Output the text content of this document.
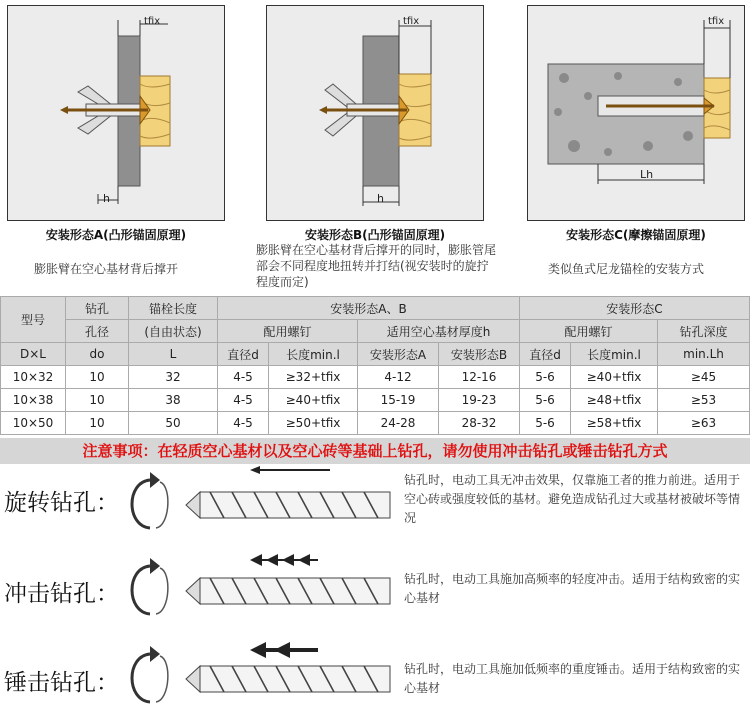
tfix
h
tfix
h
tfix
Lh
安装形态A(凸形锚固原理)	安装形态B(凸形锚固原理)	安装形态C(摩擦锚固原理)
膨胀臂在空心基材背后撑开
膨胀臂在空心基材背后撑开的同时，膨胀管尾部会不同程度地扭转并打结(视安装时的旋拧程度而定)
类似鱼式尼龙锚栓的安装方式
型号	钻孔	锚栓长度	安装形态A、B				安装形态C		
	孔径	(自由状态)	配用螺钉		适用空心基材厚度h		配用螺钉		钻孔深度
D×L	do	L	直径d	长度min.l	安装形态A	安装形态B	直径d	长度min.l	min.Lh
10×32	10	32	4-5	≥32+tfix	4-12	12-16	5-6	≥40+tfix	≥45
10×38	10	38	4-5	≥40+tfix	15-19	19-23	5-6	≥48+tfix	≥53
10×50	10	50	4-5	≥50+tfix	24-28	28-32	5-6	≥58+tfix	≥63
注意事项：在轻质空心基材以及空心砖等基础上钻孔，请勿使用冲击钻孔或锤击钻孔方式
旋转钻孔：
冲击钻孔：
锤击钻孔：
钻孔时，电动工具无冲击效果，仅靠施工者的推力前进。适用于空心砖或强度较低的基材。避免造成钻孔过大或基材被破坏等情况
钻孔时，电动工具施加高频率的轻度冲击。适用于结构致密的实心基材
钻孔时，电动工具施加低频率的重度锤击。适用于结构致密的实心基材
